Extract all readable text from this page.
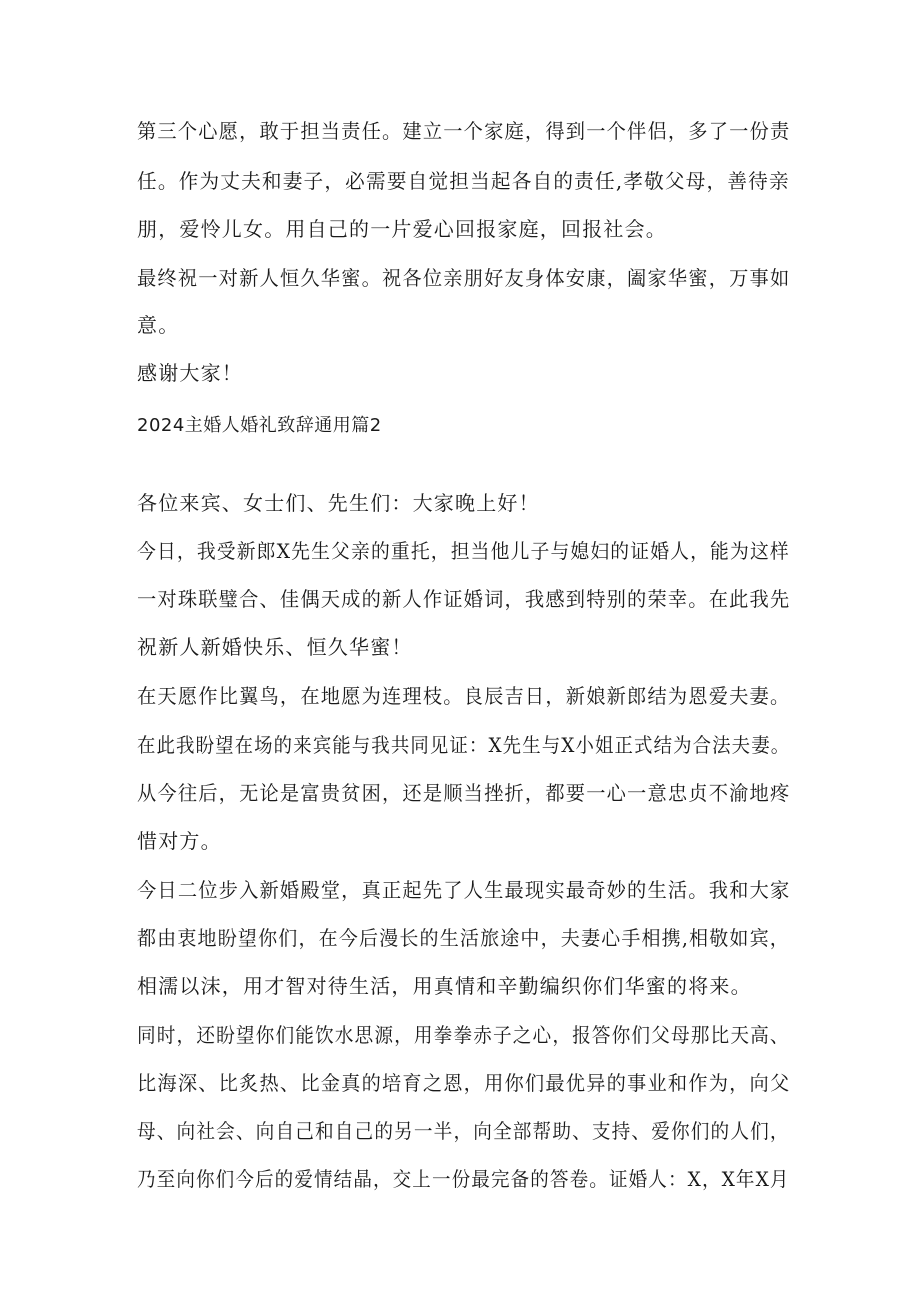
第三个心愿，敢于担当责任。建立一个家庭，得到一个伴侣，多了一份责
任。作为丈夫和妻子，必需要自觉担当起各自的责任,孝敬父母，善待亲
朋，爱怜儿女。用自己的一片爱心回报家庭，回报社会。
最终祝一对新人恒久华蜜。祝各位亲朋好友身体安康，阖家华蜜，万事如
意。
感谢大家！
2024主婚人婚礼致辞通用篇2
各位来宾、女士们、先生们：大家晚上好！
今日，我受新郎X先生父亲的重托，担当他儿子与媳妇的证婚人，能为这样
一对珠联璧合、佳偶天成的新人作证婚词，我感到特别的荣幸。在此我先
祝新人新婚快乐、恒久华蜜！
在天愿作比翼鸟，在地愿为连理枝。良辰吉日，新娘新郎结为恩爱夫妻。
在此我盼望在场的来宾能与我共同见证：X先生与X小姐正式结为合法夫妻。
从今往后，无论是富贵贫困，还是顺当挫折，都要一心一意忠贞不渝地疼
惜对方。
今日二位步入新婚殿堂，真正起先了人生最现实最奇妙的生活。我和大家
都由衷地盼望你们，在今后漫长的生活旅途中，夫妻心手相携,相敬如宾，
相濡以沫，用才智对待生活，用真情和辛勤编织你们华蜜的将来。
同时，还盼望你们能饮水思源，用拳拳赤子之心，报答你们父母那比天高、
比海深、比炙热、比金真的培育之恩，用你们最优异的事业和作为，向父
母、向社会、向自己和自己的另一半，向全部帮助、支持、爱你们的人们，
乃至向你们今后的爱情结晶，交上一份最完备的答卷。证婚人：X，X年X月
